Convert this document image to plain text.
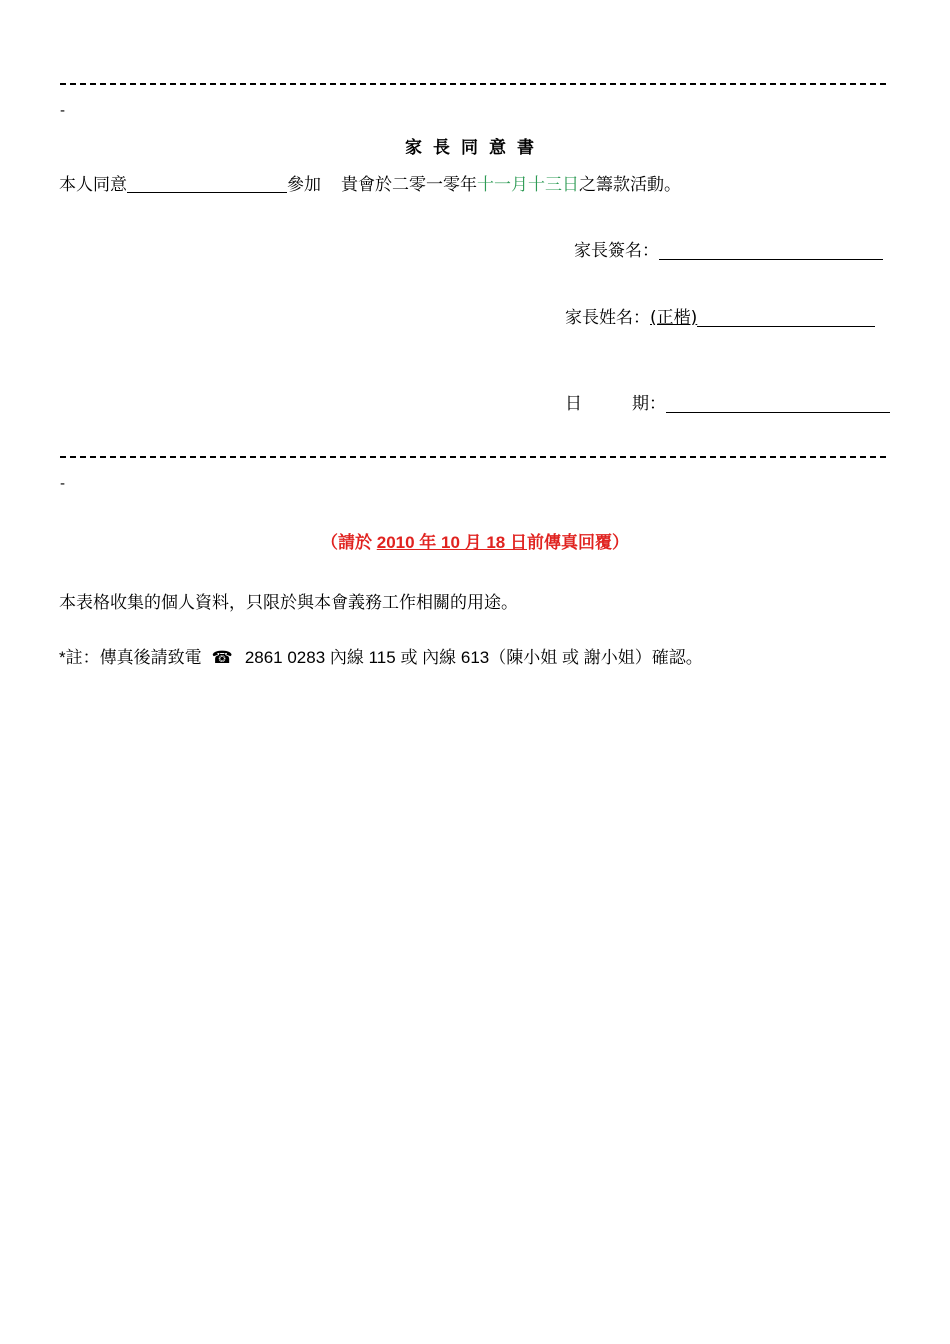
-
家長同意書
本人同意	參加 貴會於二零一零年十一月十三日之籌款活動。
家長簽名：
家長姓名：(正楷)
日	期：
-
（請於 2010 年 10 月 18 日前傳真回覆）
本表格收集的個人資料，只限於與本會義務工作相關的用途。
*註：傳真後請致電 ☎ 2861 0283 內線 115 或 內線 613（陳小姐 或 謝小姐）確認。
